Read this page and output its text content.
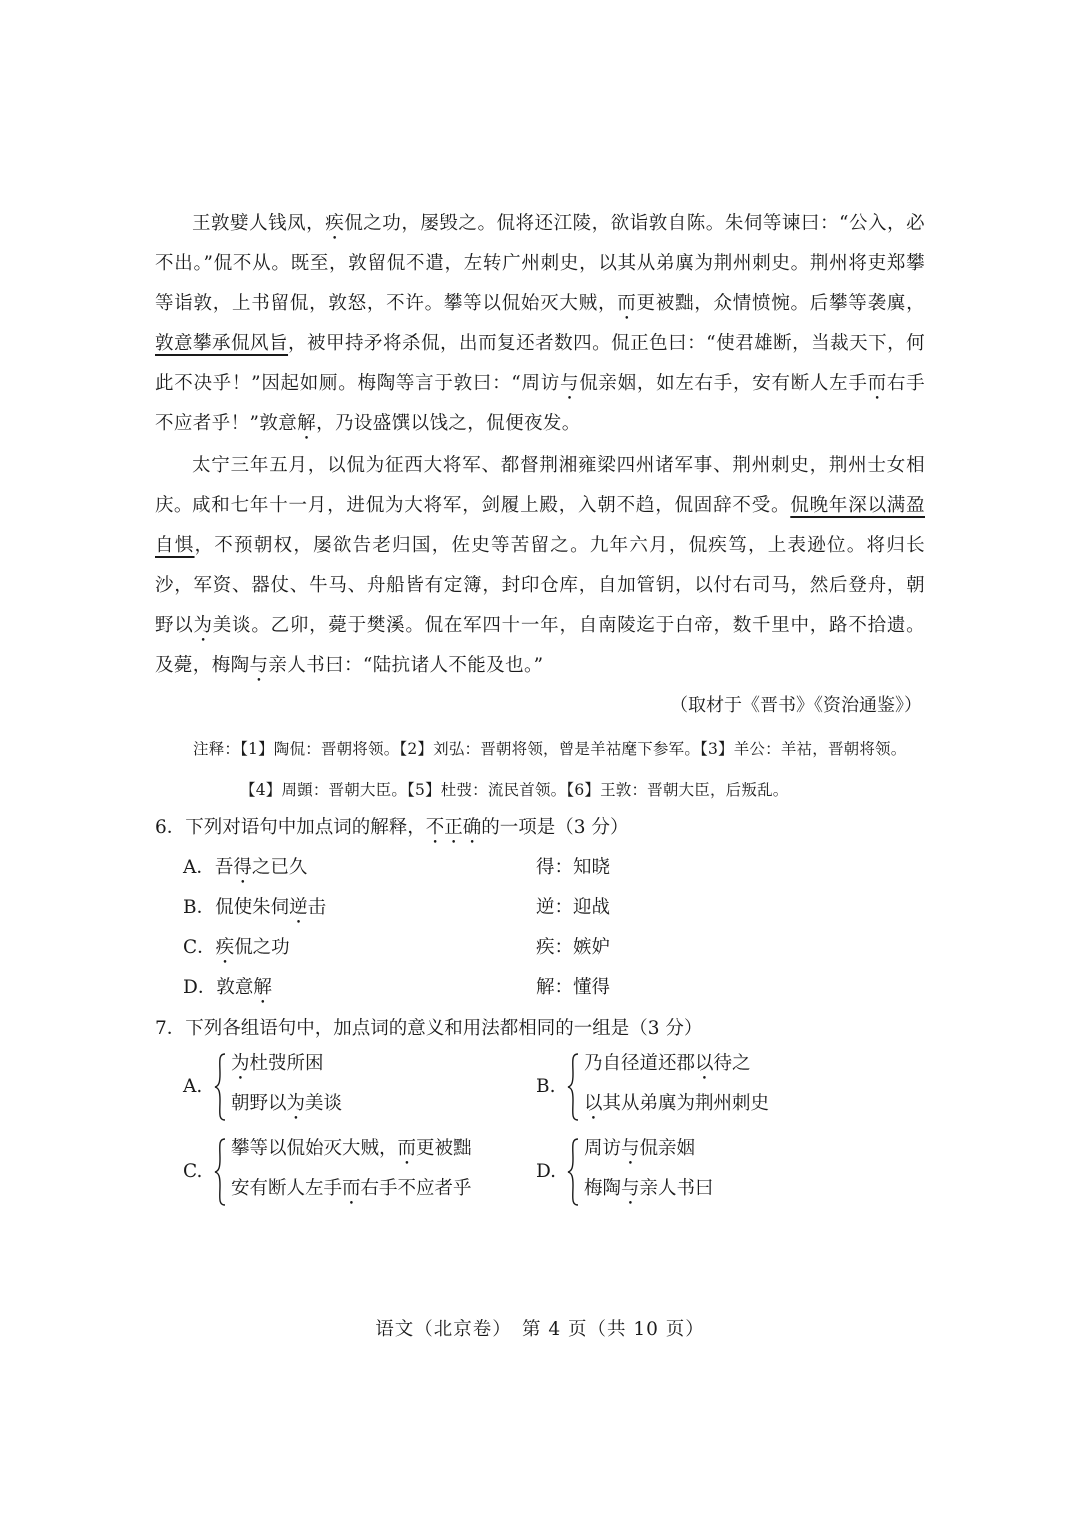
王敦嬖人钱凤，疾侃之功，屡毁之。侃将还江陵，欲诣敦自陈。朱伺等谏曰：“公入，必不出。”侃不从。既至，敦留侃不遣，左转广州刺史，以其从弟廙为荆州刺史。荆州将吏郑攀等诣敦，上书留侃，敦怒，不许。攀等以侃始灭大贼，而更被黜，众情愤惋。后攀等袭廙，敦意攀承侃风旨，被甲持矛将杀侃，出而复还者数四。侃正色曰：“使君雄断，当裁天下，何此不决乎！”因起如厕。梅陶等言于敦曰：“周访与侃亲姻，如左右手，安有断人左手而右手不应者乎！”敦意解，乃设盛馔以饯之，侃便夜发。

太宁三年五月，以侃为征西大将军、都督荆湘雍梁四州诸军事、荆州刺史，荆州士女相庆。 咸和七年十一月，进侃为大将军，剑履上殿，入朝不趋，侃固辞不受。侃晚年深以满盈自惧，不预朝权，屡欲告老归国，佐史等苦留之。九年六月，侃疾笃，上表逊位。将归长沙，军资、器仗、牛马、舟船皆有定簿，封印仓库，自加管钥，以付右司马，然后登舟，朝野以为美谈。乙卯，薨于樊溪。侃在军四十一年，自南陵迄于白帝，数千里中，路不拾遗。及薨，梅陶与亲人书曰：“陆抗诸人不能及也。”

（取材于《晋书》《资治通鉴》）
注释：【1】陶侃：晋朝将领。【2】刘弘：晋朝将领，曾是羊祜麾下参军。【3】羊公：羊祜，晋朝将领。
【4】周顗：晋朝大臣。【5】杜弢：流民首领。【6】王敦：晋朝大臣，后叛乱。
6．下列对语句中加点词的解释，不正确的一项是（3 分）
A．吾得之已久	得：知晓
B．侃使朱伺逆击	逆：迎战
C．疾侃之功	疾：嫉妒
D．敦意解	解：懂得
7．下列各组语句中，加点词的意义和用法都相同的一组是（3 分）
A.
为杜弢所困
朝野以为美谈
B.
乃自径道还郡以待之
以其从弟廙为荆州刺史
C.
攀等以侃始灭大贼，而更被黜
安有断人左手而右手不应者乎
D.
周访与侃亲姻
梅陶与亲人书曰
语文（北京卷）　第 4 页（共 10 页）
